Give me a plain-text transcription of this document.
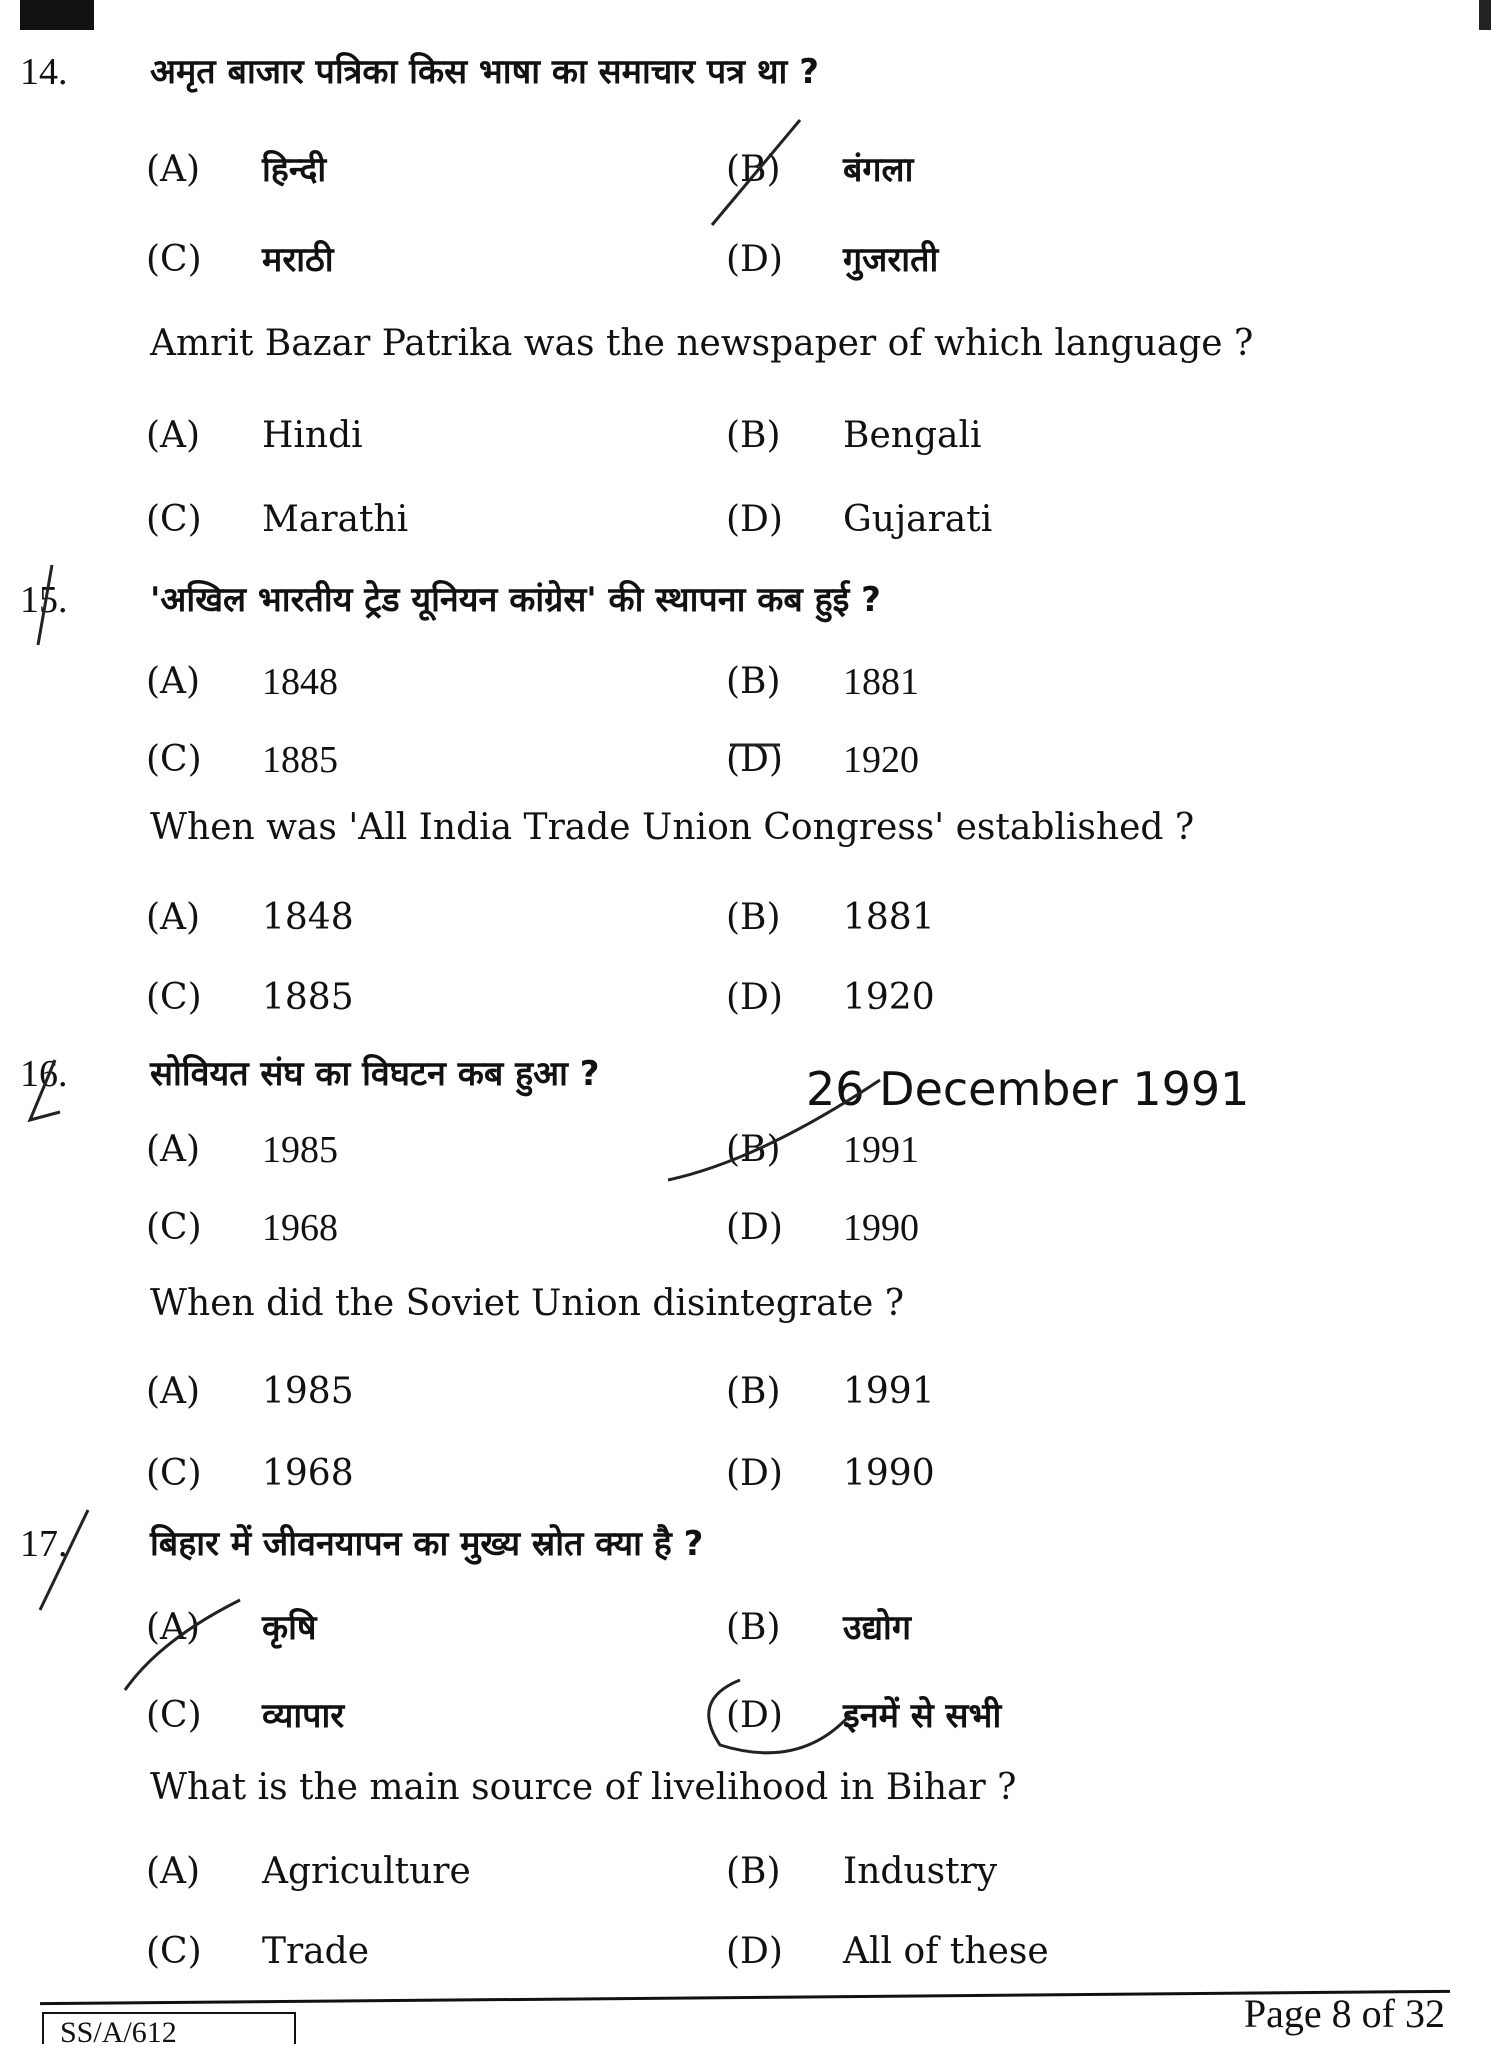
14. अमृत बाजार पत्रिका किस भाषा का समाचार पत्र था ?
(A) हिन्दी
(A) Hindi
(B) बंगला
(B) Bengali
(C) मराठी
(C) Marathi
(D) गुजराती
(D) Gujarati
Amrit Bazar Patrika was the newspaper of which language ?
15. 'अखिल भारतीय ट्रेड यूनियन कांग्रेस' की स्थापना कब हुई ?
(A) 1848
(A) 1848
(B) 1881
(B) 1881
(C) 1885
(C) 1885
(D) 1920
(D) 1920
When was 'All India Trade Union Congress' established ?
16. सोवियत संघ का विघटन कब हुआ ?
(A) 1985
(A) 1985
(B) 1991
(B) 1991
(C) 1968
(C) 1968
(D) 1990
(D) 1990
When did the Soviet Union disintegrate ?
17. बिहार में जीवनयापन का मुख्य स्रोत क्या है ?
(A) कृषि
(A) Agriculture
(B) उद्योग
(B) Industry
(C) व्यापार
(C) Trade
(D) इनमें से सभी
(D) All of these
What is the main source of livelihood in Bihar ?
26 December 1991
SS/A/612	Page 8 of 32
